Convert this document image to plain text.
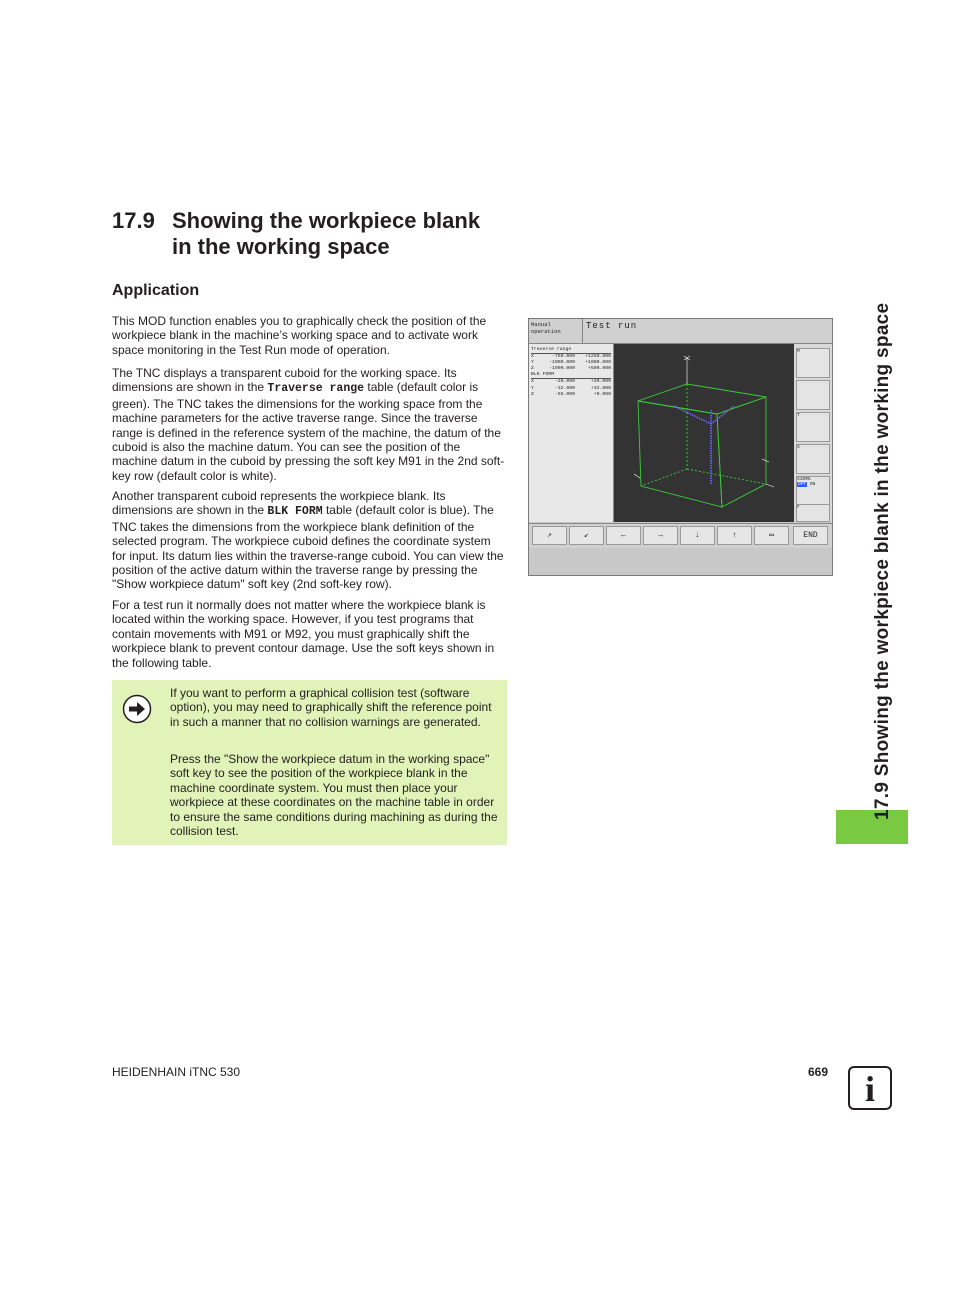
17.9 Showing the workpiece blank
in the working space
Application

This MOD function enables you to graphically check the position of the workpiece blank in the machine’s working space and to activate work space monitoring in the Test Run mode of operation.

The TNC displays a transparent cuboid for the working space. Its dimensions are shown in the Traverse range table (default color is green). The TNC takes the dimensions for the working space from the machine parameters for the active traverse range. Since the traverse range is defined in the reference system of the machine, the datum of the cuboid is also the machine datum. You can see the position of the machine datum in the cuboid by pressing the soft key M91 in the 2nd soft-key row (default color is white).

Another transparent cuboid represents the workpiece blank. Its dimensions are shown in the BLK FORM table (default color is blue). The TNC takes the dimensions from the workpiece blank definition of the selected program. The workpiece cuboid defines the coordinate system for input. Its datum lies within the traverse-range cuboid. You can view the position of the active datum within the traverse range by pressing the "Show workpiece datum" soft key (2nd soft-key row).

For a test run it normally does not matter where the workpiece blank is located within the working space. However, if you test programs that contain movements with M91 or M92, you must graphically shift the workpiece blank to prevent contour damage. Use the soft keys shown in the following table.

If you want to perform a graphical collision test (software option), you may need to graphically shift the reference point in such a manner that no collision warnings are generated.

Press the "Show the workpiece datum in the working space" soft key to see the position of the workpiece blank in the machine coordinate system. You must then place your workpiece at these coordinates on the machine table in order to ensure the same conditions during machining as during the collision test.

Manual
operation
Test run
Traverse range
X	-750.000	+1250.000
Y	-1000.000	+1000.000
Z	-1000.000	+500.000
BLK FORM
X	-20.000	+20.000
Y	-32.000	+32.000
Z	-55.000	+0.000
M
T
S
S100%
OFF ON
F
↗	↙	←	→	↓	↑	▭	END	17.9 Showing the workpiece blank in the working space
HEIDENHAIN iTNC 530	669	i
